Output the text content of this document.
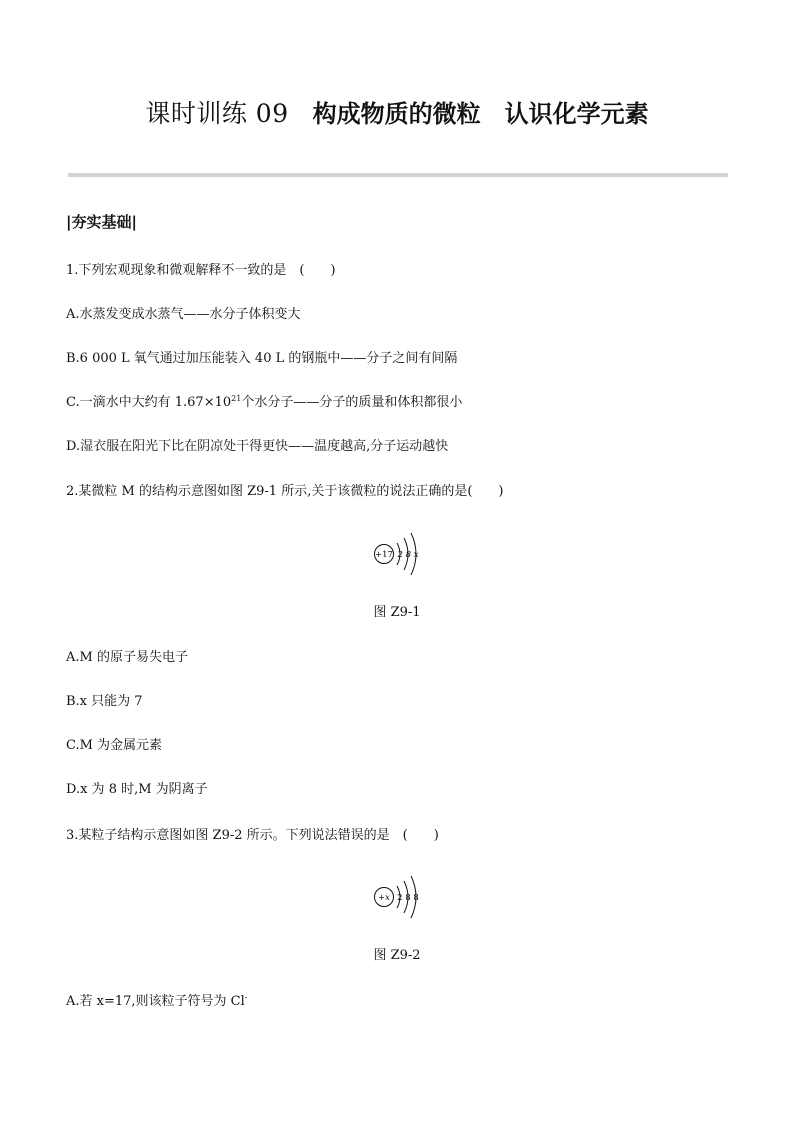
课时训练 09 构成物质的微粒 认识化学元素
|夯实基础|
1.下列宏观现象和微观解释不一致的是　(　　)
A.水蒸发变成水蒸气——水分子体积变大
B.6 000 L 氧气通过加压能装入 40 L 的钢瓶中——分子之间有间隔
C.一滴水中大约有 $1.67\times 10^{21}$个水分子——分子的质量和体积都很小
D.湿衣服在阳光下比在阴凉处干得更快——温度越高,分子运动越快
2.某微粒 M 的结构示意图如图 Z9-1 所示,关于该微粒的说法正确的是(　　)
+17 2 8 x
图 Z9-1
A.M 的原子易失电子
B.x 只能为 7
C.M 为金属元素
D.x 为 8 时,M 为阴离子
3.某粒子结构示意图如图 Z9-2 所示。下列说法错误的是　(　　)
+x 2 8 8
图 Z9-2
A.若 x=17,则该粒子符号为 Cl-
